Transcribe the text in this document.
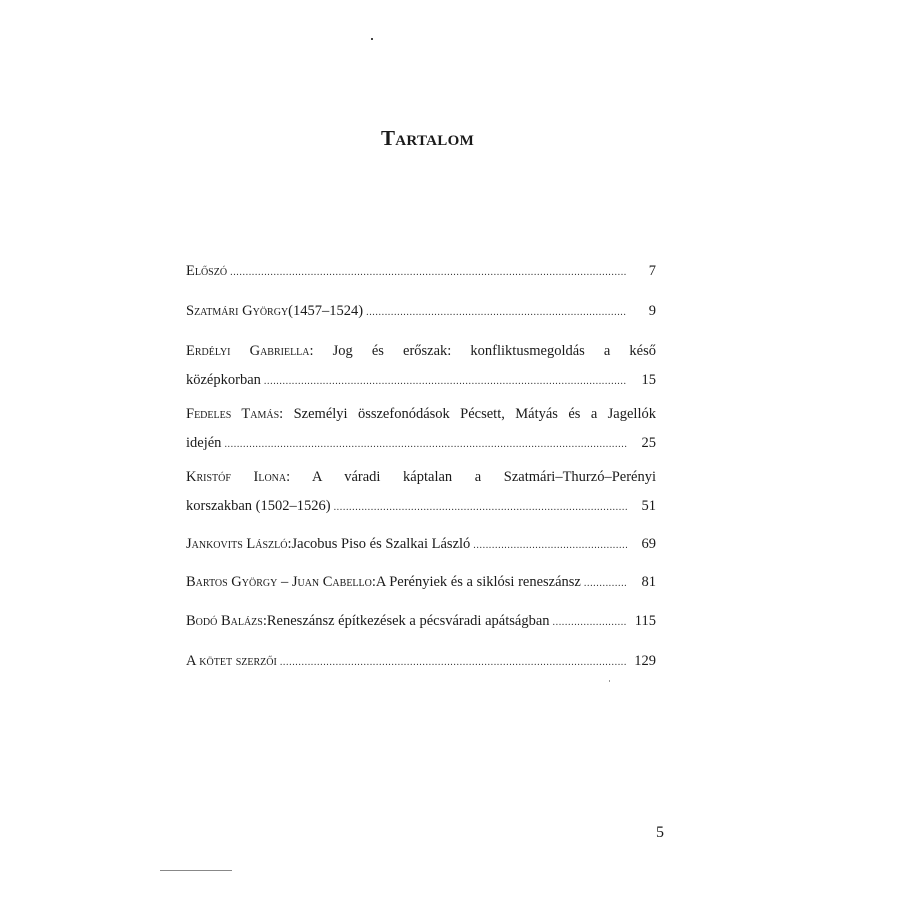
Tartalom
Előszó .....	7
Szatmári György (1457–1524) .....	9
Erdélyi Gabriella: Jog és erőszak: konfliktusmegoldás a késő
középkorban .....	15
Fedeles Tamás: Személyi összefonódások Pécsett, Mátyás és a Jagellók
idején .....	25
Kristóf Ilona: A váradi káptalan a Szatmári–Thurzó–Perényi
korszakban (1502–1526) .....	51
Jankovits László: Jacobus Piso és Szalkai László .....	69
Bartos György – Juan Cabello: A Perényiek és a siklósi reneszánsz .....	81
Bodó Balázs: Reneszánsz építkezések a pécsváradi apátságban .....	115
A kötet szerzői .....	129
5
